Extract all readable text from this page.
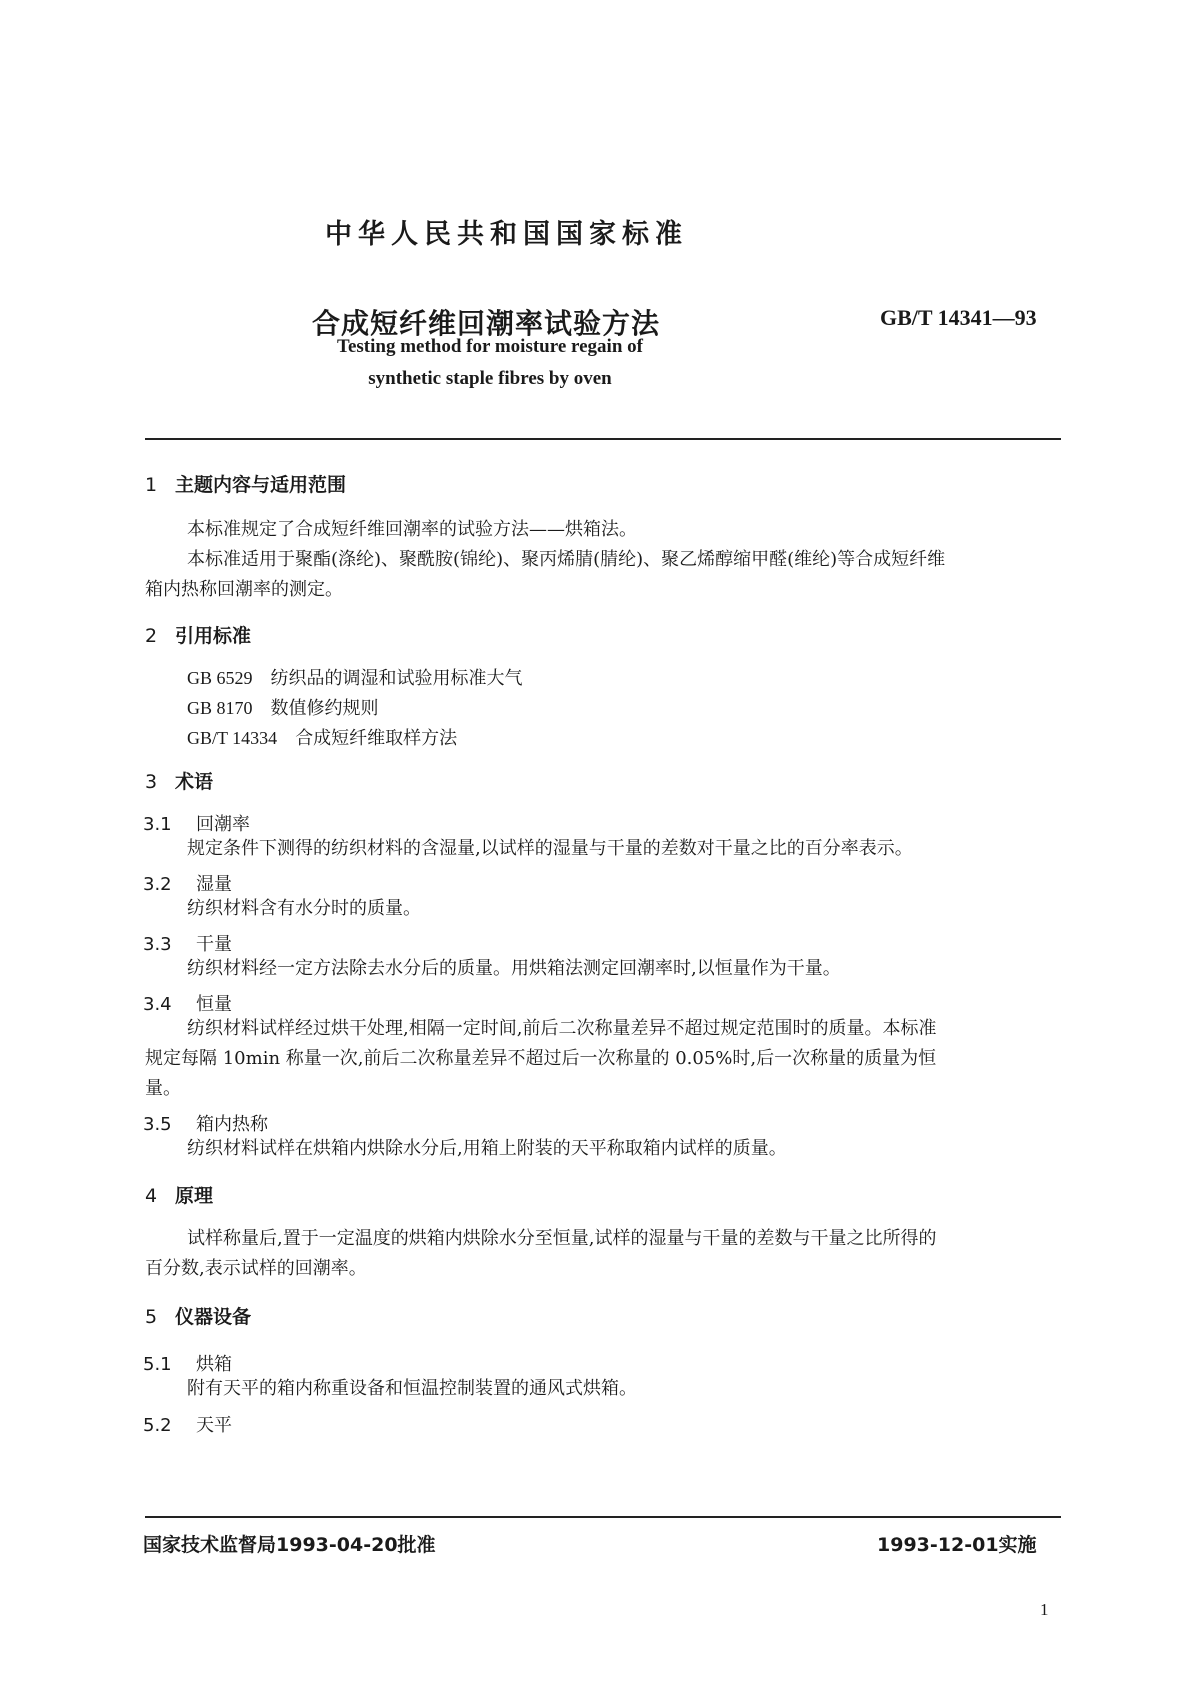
中华人民共和国国家标准
合成短纤维回潮率试验方法	GB/T 14341—93
Testing method for moisture regain of
synthetic staple fibres by oven
1 主题内容与适用范围
本标准规定了合成短纤维回潮率的试验方法——烘箱法。
本标准适用于聚酯(涤纶)、聚酰胺(锦纶)、聚丙烯腈(腈纶)、聚乙烯醇缩甲醛(维纶)等合成短纤维
箱内热称回潮率的测定。
2 引用标准
GB 6529 纺织品的调湿和试验用标准大气
GB 8170 数值修约规则
GB/T 14334 合成短纤维取样方法
3 术语
3.1 回潮率
规定条件下测得的纺织材料的含湿量,以试样的湿量与干量的差数对干量之比的百分率表示。
3.2 湿量
纺织材料含有水分时的质量。
3.3 干量
纺织材料经一定方法除去水分后的质量。用烘箱法测定回潮率时,以恒量作为干量。
3.4 恒量
纺织材料试样经过烘干处理,相隔一定时间,前后二次称量差异不超过规定范围时的质量。本标准
规定每隔 10min 称量一次,前后二次称量差异不超过后一次称量的 0.05%时,后一次称量的质量为恒
量。
3.5 箱内热称
纺织材料试样在烘箱内烘除水分后,用箱上附装的天平称取箱内试样的质量。
4 原理
试样称量后,置于一定温度的烘箱内烘除水分至恒量,试样的湿量与干量的差数与干量之比所得的
百分数,表示试样的回潮率。
5 仪器设备
5.1 烘箱
附有天平的箱内称重设备和恒温控制装置的通风式烘箱。
5.2 天平
国家技术监督局1993-04-20批准	1993-12-01实施
1
